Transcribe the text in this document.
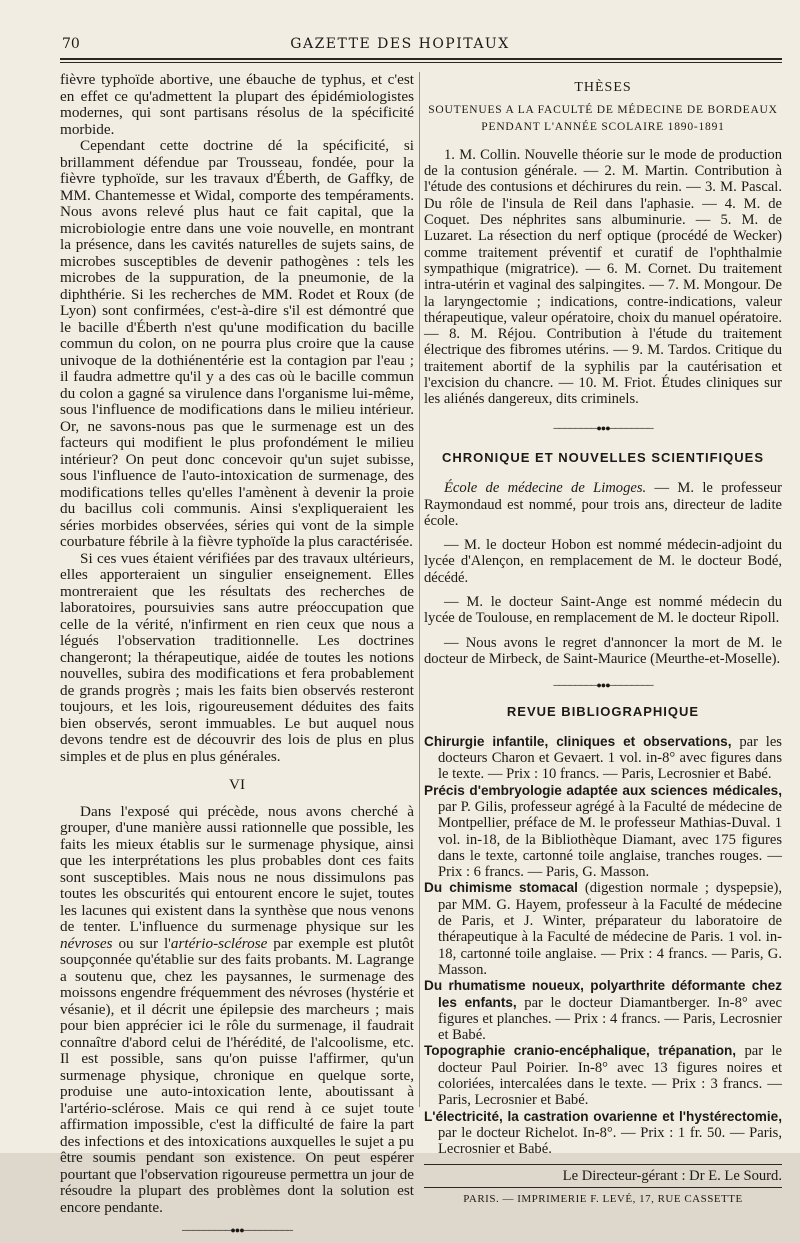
70	GAZETTE DES HOPITAUX

fièvre typhoïde abortive, une ébauche de typhus, et c'est en effet ce qu'admettent la plupart des épidémiologistes modernes, qui sont partisans résolus de la spécificité morbide.

Cependant cette doctrine dé la spécificité, si brillamment défendue par Trousseau, fondée, pour la fièvre typhoïde, sur les travaux d'Éberth, de Gaffky, de MM. Chantemesse et Widal, comporte des tempéraments. Nous avons relevé plus haut ce fait capital, que la microbiologie entre dans une voie nouvelle, en montrant la présence, dans les cavités naturelles de sujets sains, de microbes susceptibles de devenir pathogènes : tels les microbes de la suppuration, de la pneumonie, de la diphthérie. Si les recherches de MM. Rodet et Roux (de Lyon) sont confirmées, c'est-à-dire s'il est démontré que le bacille d'Éberth n'est qu'une modification du bacille commun du colon, on ne pourra plus croire que la cause univoque de la dothiénentérie est la contagion par l'eau ; il faudra admettre qu'il y a des cas où le bacille commun du colon a gagné sa virulence dans l'organisme lui-même, sous l'influence de modifications dans le milieu intérieur. Or, ne savons-nous pas que le surmenage est un des facteurs qui modifient le plus profondément le milieu intérieur? On peut donc concevoir qu'un sujet subisse, sous l'influence de l'auto-intoxication de surmenage, des modifications telles qu'elles l'amènent à devenir la proie du bacillus coli communis. Ainsi s'expliqueraient les séries morbides observées, séries qui vont de la simple courbature fébrile à la fièvre typhoïde la plus caractérisée.

Si ces vues étaient vérifiées par des travaux ultérieurs, elles apporteraient un singulier enseignement. Elles montreraient que les résultats des recherches de laboratoires, poursuivies sans autre préoccupation que celle de la vérité, n'infirment en rien ceux que nous a légués l'observation traditionnelle. Les doctrines changeront; la thérapeutique, aidée de toutes les notions nouvelles, subira des modifications et fera probablement de grands progrès ; mais les faits bien observés resteront toujours, et les lois, rigoureusement déduites des faits bien observés, seront immuables. Le but auquel nous devons tendre est de découvrir des lois de plus en plus simples et de plus en plus générales.

VI

Dans l'exposé qui précède, nous avons cherché à grouper, d'une manière aussi rationnelle que possible, les faits les mieux établis sur le surmenage physique, ainsi que les interprétations les plus probables dont ces faits sont susceptibles. Mais nous ne nous dissimulons pas toutes les obscurités qui entourent encore le sujet, toutes les lacunes qui existent dans la synthèse que nous venons de tenter. L'influence du surmenage physique sur les névroses ou sur l'artério-sclérose par exemple est plutôt soupçonnée qu'établie sur des faits probants. M. Lagrange a soutenu que, chez les paysannes, le surmenage des moissons engendre fréquemment des névroses (hystérie et vésanie), et il décrit une épilepsie des marcheurs ; mais pour bien apprécier ici le rôle du surmenage, il faudrait connaître d'abord celui de l'hérédité, de l'alcoolisme, etc. Il est possible, sans qu'on puisse l'affirmer, qu'un surmenage physique, chronique en quelque sorte, produise une auto-intoxication lente, aboutissant à l'artério-sclérose. Mais ce qui rend à ce sujet toute affirmation impossible, c'est la difficulté de faire la part des infections et des intoxications auxquelles le sujet a pu être soumis pendant son existence. On peut espérer pourtant que l'observation rigoureuse permettra un jour de résoudre la plupart des problèmes dont la solution est encore pendante.

─────────●●●─────────
THÈSES
SOUTENUES A LA FACULTÉ DE MÉDECINE DE BORDEAUX
PENDANT L'ANNÉE SCOLAIRE 1890-1891

1. M. Collin. Nouvelle théorie sur le mode de production de la contusion générale. — 2. M. Martin. Contribution à l'étude des contusions et déchirures du rein. — 3. M. Pascal. Du rôle de l'insula de Reil dans l'aphasie. — 4. M. de Coquet. Des néphrites sans albuminurie. — 5. M. de Luzaret. La résection du nerf optique (procédé de Wecker) comme traitement préventif et curatif de l'ophthalmie sympathique (migratrice). — 6. M. Cornet. Du traitement intra-utérin et vaginal des salpingites. — 7. M. Mongour. De la laryngectomie ; indications, contre-indications, valeur thérapeutique, valeur opératoire, choix du manuel opératoire. — 8. M. Réjou. Contribution à l'étude du traitement électrique des fibromes utérins. — 9. M. Tardos. Critique du traitement abortif de la syphilis par la cautérisation et l'excision du chancre. — 10. M. Friot. Études cliniques sur les aliénés dangereux, dits criminels.

────────●●●────────
CHRONIQUE ET NOUVELLES SCIENTIFIQUES

École de médecine de Limoges. — M. le professeur Raymondaud est nommé, pour trois ans, directeur de ladite école.

— M. le docteur Hobon est nommé médecin-adjoint du lycée d'Alençon, en remplacement de M. le docteur Bodé, décédé.

— M. le docteur Saint-Ange est nommé médecin du lycée de Toulouse, en remplacement de M. le docteur Ripoll.

— Nous avons le regret d'annoncer la mort de M. le docteur de Mirbeck, de Saint-Maurice (Meurthe-et-Moselle).

────────●●●────────
REVUE BIBLIOGRAPHIQUE

Chirurgie infantile, cliniques et observations, par les docteurs Charon et Gevaert. 1 vol. in-8° avec figures dans le texte. — Prix : 10 francs. — Paris, Lecrosnier et Babé.

Précis d'embryologie adaptée aux sciences médicales, par P. Gilis, professeur agrégé à la Faculté de médecine de Montpellier, préface de M. le professeur Mathias-Duval. 1 vol. in-18, de la Bibliothèque Diamant, avec 175 figures dans le texte, cartonné toile anglaise, tranches rouges. — Prix : 6 francs. — Paris, G. Masson.

Du chimisme stomacal (digestion normale ; dyspepsie), par MM. G. Hayem, professeur à la Faculté de médecine de Paris, et J. Winter, préparateur du laboratoire de thérapeutique à la Faculté de médecine de Paris. 1 vol. in-18, cartonné toile anglaise. — Prix : 4 francs. — Paris, G. Masson.

Du rhumatisme noueux, polyarthrite déformante chez les enfants, par le docteur Diamantberger. In-8° avec figures et planches. — Prix : 4 francs. — Paris, Lecrosnier et Babé.

Topographie cranio-encéphalique, trépanation, par le docteur Paul Poirier. In-8° avec 13 figures noires et coloriées, intercalées dans le texte. — Prix : 3 francs. — Paris, Lecrosnier et Babé.

L'électricité, la castration ovarienne et l'hystérectomie, par le docteur Richelot. In-8°. — Prix : 1 fr. 50. — Paris, Lecrosnier et Babé.

Le Directeur-gérant : Dr E. Le Sourd.
PARIS. — IMPRIMERIE F. LEVÉ, 17, RUE CASSETTE
